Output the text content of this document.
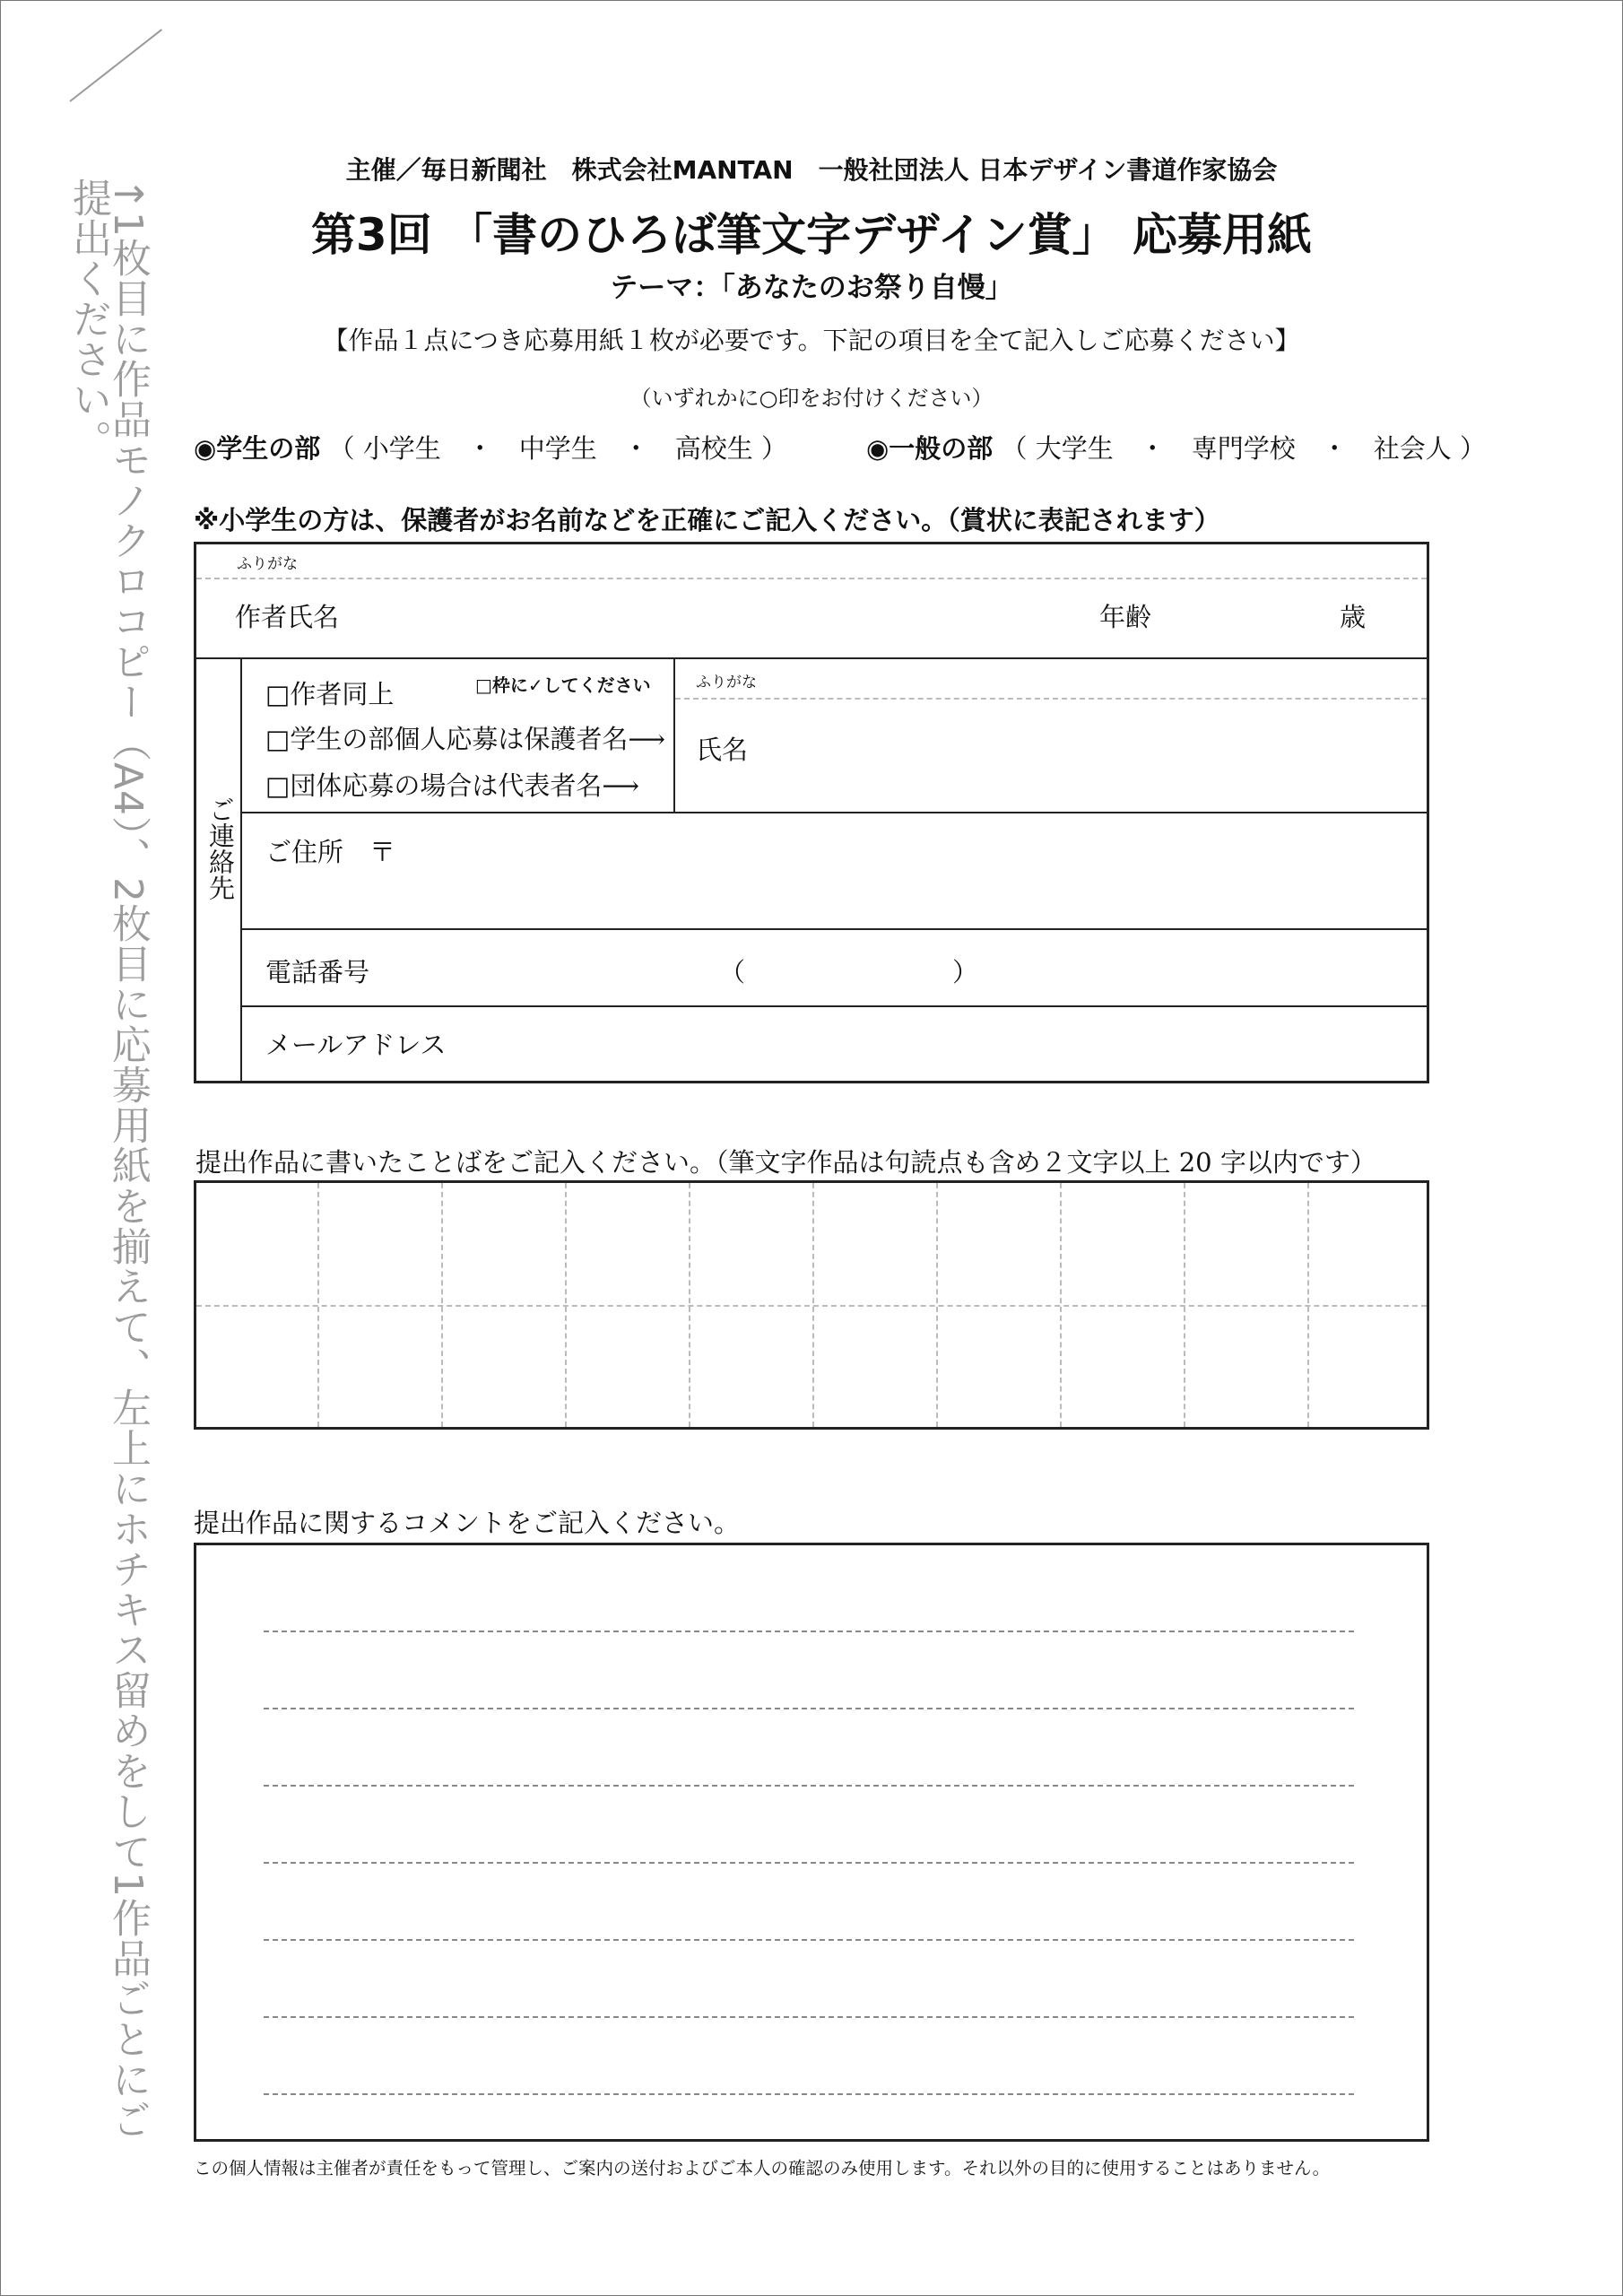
↑1枚目に作品モノクロコピー（A4）、2枚目に応募用紙を揃えて、左上にホチキス留めをして1作品ごとにご提出ください。
主催／毎日新聞社　株式会社MANTAN　一般社団法人 日本デザイン書道作家協会
第3回 「書のひろば筆文字デザイン賞」 応募用紙
テーマ：「あなたのお祭り自慢」
【作品１点につき応募用紙１枚が必要です。下記の項目を全て記入しご応募ください】
（いずれかに○印をお付けください）
◉学生の部 （ 小学生　・　中学生　・　高校生 ）	◉一般の部 （ 大学生　・　専門学校　・　社会人 ）
※小学生の方は、保護者がお名前などを正確にご記入ください。（賞状に表記されます）
ふりがな
作者氏名	年齢	歳
ご連絡先
□作者同上	□枠に✓してください
□学生の部個人応募は保護者名⟶
□団体応募の場合は代表者名⟶
ふりがな
氏名
ご住所　〒
電話番号	（	）
メールアドレス
提出作品に書いたことばをご記入ください。（筆文字作品は句読点も含め２文字以上 20 字以内です）
提出作品に関するコメントをご記入ください。
この個人情報は主催者が責任をもって管理し、ご案内の送付およびご本人の確認のみ使用します。それ以外の目的に使用することはありません。
